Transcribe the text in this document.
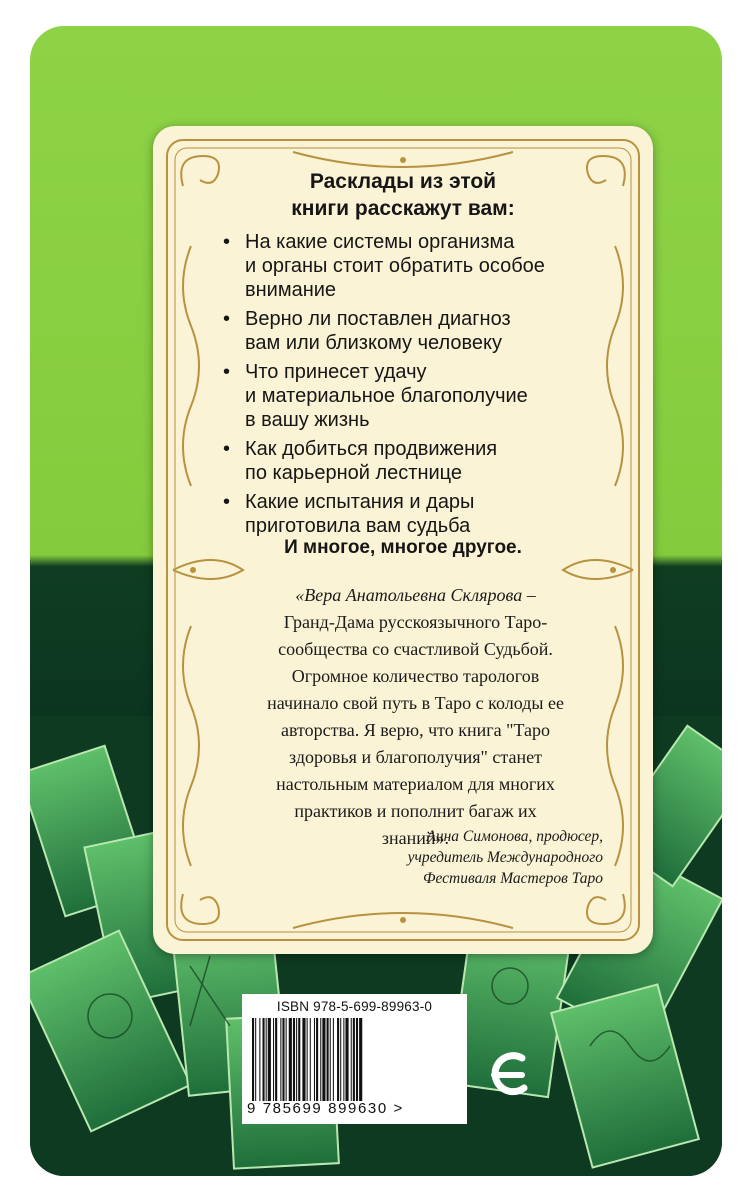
Расклады из этой
книги расскажут вам:
• На какие системы организма
и органы стоит обратить особое
внимание
• Верно ли поставлен диагноз
вам или близкому человеку
• Что принесет удачу
и материальное благополучие
в вашу жизнь
• Как добиться продвижения
по карьерной лестнице
• Какие испытания и дары
приготовила вам судьба
И многое, многое другое.
«Вера Анатольевна Склярова –
Гранд-Дама русскоязычного Таро-
сообщества со счастливой Судьбой.
Огромное количество тарологов
начинало свой путь в Таро с колоды ее
авторства. Я верю, что книга "Таро
здоровья и благополучия" станет
настольным материалом для многих
практиков и пополнит багаж их
знаний».
Анна Симонова, продюсер,
учредитель Международного
Фестиваля Мастеров Таро
ISBN 978-5-699-89963-0
9 785699 899630 >
